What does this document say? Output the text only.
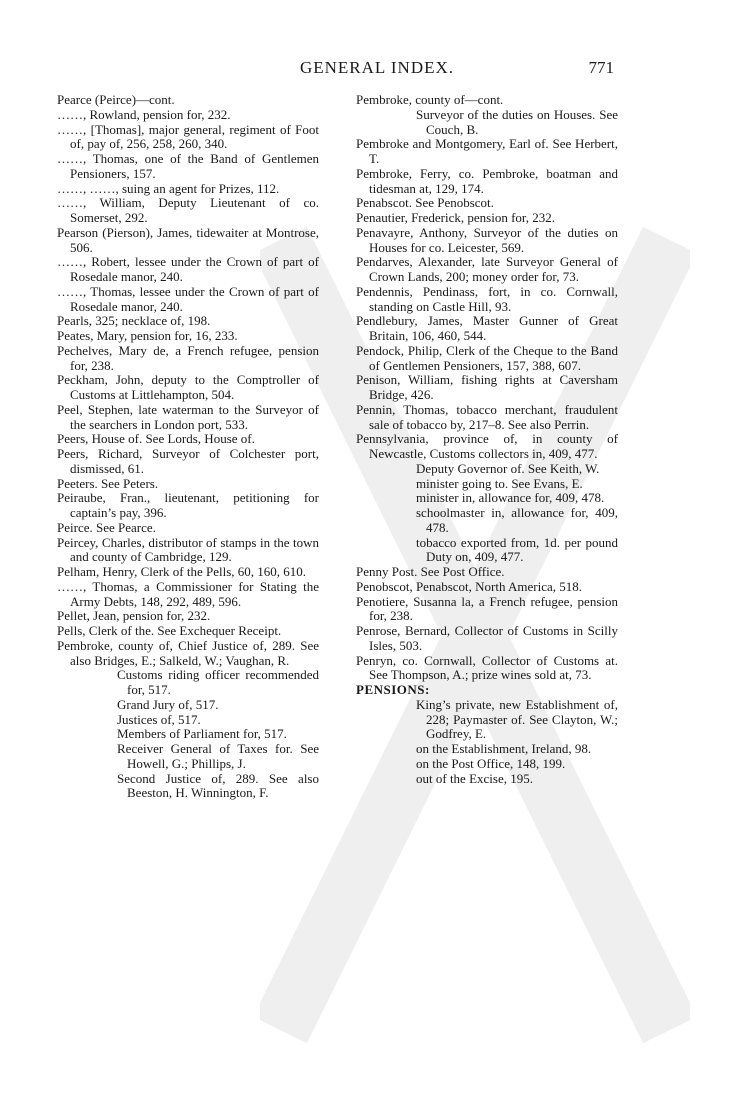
GENERAL INDEX.	771
Pearce (Peirce)—cont.
……, Rowland, pension for, 232.
……, [Thomas], major general, regiment of Foot of, pay of, 256, 258, 260, 340.
……, Thomas, one of the Band of Gentlemen Pensioners, 157.
……, ……, suing an agent for Prizes, 112.
……, William, Deputy Lieutenant of co. Somerset, 292.
Pearson (Pierson), James, tidewaiter at Montrose, 506.
……, Robert, lessee under the Crown of part of Rosedale manor, 240.
……, Thomas, lessee under the Crown of part of Rosedale manor, 240.
Pearls, 325; necklace of, 198.
Peates, Mary, pension for, 16, 233.
Pechelves, Mary de, a French refugee, pension for, 238.
Peckham, John, deputy to the Comptroller of Customs at Littlehampton, 504.
Peel, Stephen, late waterman to the Surveyor of the searchers in London port, 533.
Peers, House of. See Lords, House of.
Peers, Richard, Surveyor of Colchester port, dismissed, 61.
Peeters. See Peters.
Peiraube, Fran., lieutenant, petitioning for captain’s pay, 396.
Peirce. See Pearce.
Peircey, Charles, distributor of stamps in the town and county of Cambridge, 129.
Pelham, Henry, Clerk of the Pells, 60, 160, 610.
……, Thomas, a Commissioner for Stating the Army Debts, 148, 292, 489, 596.
Pellet, Jean, pension for, 232.
Pells, Clerk of the. See Exchequer Receipt.
Pembroke, county of, Chief Justice of, 289. See also Bridges, E.; Salkeld, W.; Vaughan, R.
Customs riding officer recommended for, 517.
Grand Jury of, 517.
Justices of, 517.
Members of Parliament for, 517.
Receiver General of Taxes for. See Howell, G.; Phillips, J.
Second Justice of, 289. See also Beeston, H. Winnington, F.
Pembroke, county of—cont.
Surveyor of the duties on Houses. See Couch, B.
Pembroke and Montgomery, Earl of. See Herbert, T.
Pembroke, Ferry, co. Pembroke, boatman and tidesman at, 129, 174.
Penabscot. See Penobscot.
Penautier, Frederick, pension for, 232.
Penavayre, Anthony, Surveyor of the duties on Houses for co. Leicester, 569.
Pendarves, Alexander, late Surveyor General of Crown Lands, 200; money order for, 73.
Pendennis, Pendinass, fort, in co. Cornwall, standing on Castle Hill, 93.
Pendlebury, James, Master Gunner of Great Britain, 106, 460, 544.
Pendock, Philip, Clerk of the Cheque to the Band of Gentlemen Pensioners, 157, 388, 607.
Penison, William, fishing rights at Caversham Bridge, 426.
Pennin, Thomas, tobacco merchant, fraudulent sale of tobacco by, 217–8. See also Perrin.
Pennsylvania, province of, in county of Newcastle, Customs collectors in, 409, 477.
Deputy Governor of. See Keith, W.
minister going to. See Evans, E.
minister in, allowance for, 409, 478.
schoolmaster in, allowance for, 409, 478.
tobacco exported from, 1d. per pound Duty on, 409, 477.
Penny Post. See Post Office.
Penobscot, Penabscot, North America, 518.
Penotiere, Susanna la, a French refugee, pension for, 238.
Penrose, Bernard, Collector of Customs in Scilly Isles, 503.
Penryn, co. Cornwall, Collector of Customs at. See Thompson, A.; prize wines sold at, 73.
PENSIONS:
King’s private, new Establishment of, 228; Paymaster of. See Clayton, W.; Godfrey, E.
on the Establishment, Ireland, 98.
on the Post Office, 148, 199.
out of the Excise, 195.
